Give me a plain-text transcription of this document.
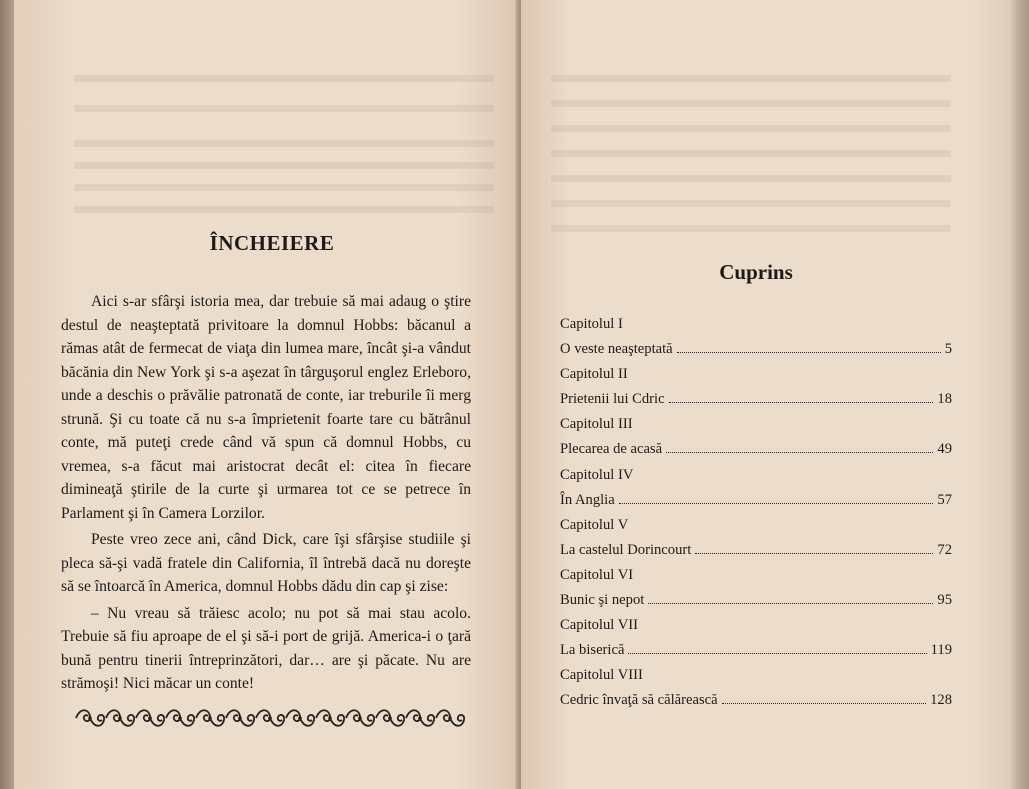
ÎNCHEIERE

Aici s-ar sfârşi istoria mea, dar trebuie să mai adaug o ştire destul de neaşteptată privitoare la domnul Hobbs: băcanul a rămas atât de fermecat de viaţa din lumea mare, încât şi-a vândut băcănia din New York şi s-a aşezat în târguşorul englez Erleboro, unde a deschis o prăvălie patronată de conte, iar treburile îi merg strună. Şi cu toate că nu s-a împrietenit foarte tare cu bătrânul conte, mă puteţi crede când vă spun că domnul Hobbs, cu vremea, s-a făcut mai aristocrat decât el: citea în fiecare dimineaţă ştirile de la curte şi urmarea tot ce se petrece în Parlament şi în Camera Lorzilor.

Peste vreo zece ani, când Dick, care îşi sfârşise studiile şi pleca să-şi vadă fratele din California, îl întrebă dacă nu doreşte să se întoarcă în America, domnul Hobbs dădu din cap şi zise:

– Nu vreau să trăiesc acolo; nu pot să mai stau acolo. Trebuie să fiu aproape de el şi să-i port de grijă. America-i o ţară bună pentru tinerii întreprinzători, dar… are şi păcate. Nu are strămoşi! Nici măcar un conte!

Cuprins
Capitolul I
O veste neaşteptată	5
Capitolul II
Prietenii lui Cdric	18
Capitolul III
Plecarea de acasă	49
Capitolul IV
În Anglia	57
Capitolul V
La castelul Dorincourt	72
Capitolul VI
Bunic şi nepot	95
Capitolul VII
La biserică	119
Capitolul VIII
Cedric învaţă să călărească	128
